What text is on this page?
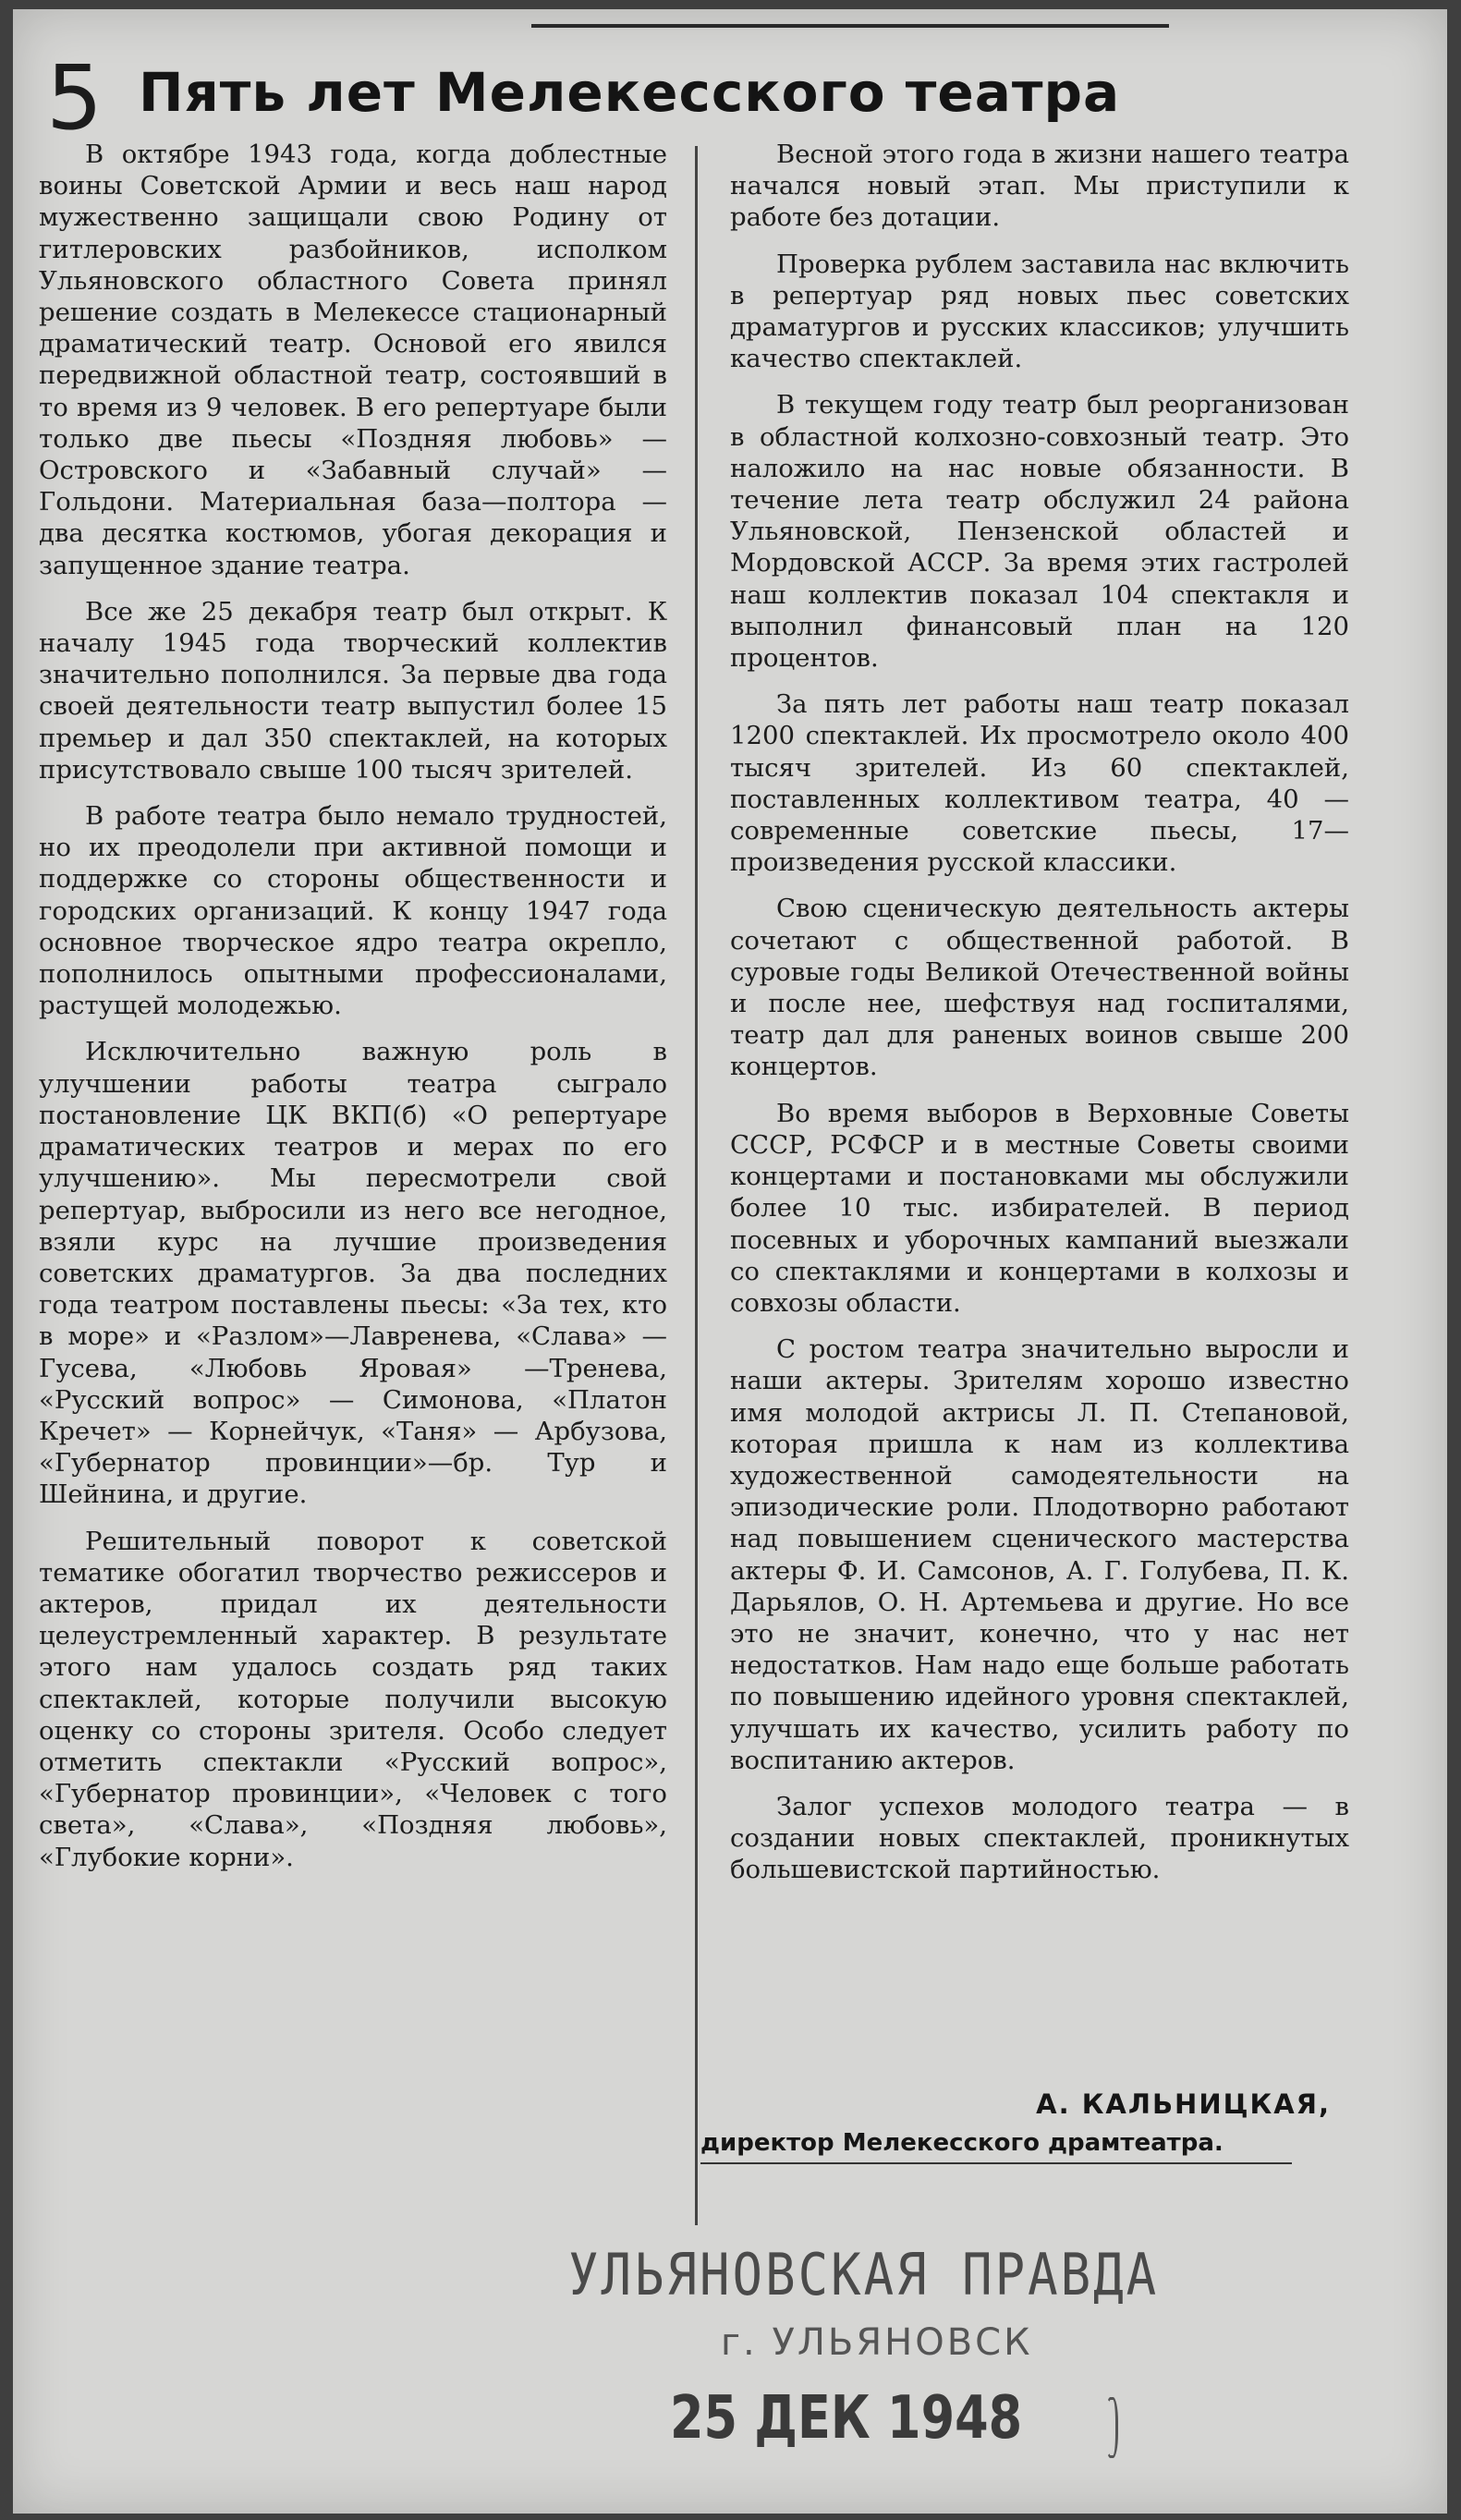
5 Пять лет Мелекесского театра

В октябре 1943 года, когда доблестные воины Советской Армии и весь наш народ мужественно защищали свою Родину от гитлеровских разбойников, исполком Ульяновского областного Совета принял решение создать в Мелекессе стационарный драматический театр. Основой его явился передвижной областной театр, состоявший в то время из 9 человек. В его репертуаре были только две пьесы «Поздняя любовь» — Островского и «Забавный случай» — Гольдони. Материальная база—полтора — два десятка костюмов, убогая декорация и запущенное здание театра.

Все же 25 декабря театр был открыт. К началу 1945 года творческий коллектив значительно пополнился. За первые два года своей деятельности театр выпустил более 15 премьер и дал 350 спектаклей, на которых присутствовало свыше 100 тысяч зрителей.

В работе театра было немало трудностей, но их преодолели при активной помощи и поддержке со стороны общественности и городских организаций. К концу 1947 года основное творческое ядро театра окрепло, пополнилось опытными профессионалами, растущей молодежью.

Исключительно важную роль в улучшении работы театра сыграло постановление ЦК ВКП(б) «О репертуаре драматических театров и мерах по его улучшению». Мы пересмотрели свой репертуар, выбросили из него все негодное, взяли курс на лучшие произведения советских драматургов. За два последних года театром поставлены пьесы: «За тех, кто в море» и «Разлом»—Лавренева, «Слава» — Гусева, «Любовь Яровая» —Тренева, «Русский вопрос» — Симонова, «Платон Кречет» — Корнейчук, «Таня» — Арбузова, «Губернатор провинции»—бр. Тур и Шейнина, и другие.

Решительный поворот к советской тематике обогатил творчество режиссеров и актеров, придал их деятельности целеустремленный характер. В результате этого нам удалось создать ряд таких спектаклей, которые получили высокую оценку со стороны зрителя. Особо следует отметить спектакли «Русский вопрос», «Губернатор провинции», «Человек с того света», «Слава», «Поздняя любовь», «Глубокие корни».

Весной этого года в жизни нашего театра начался новый этап. Мы приступили к работе без дотации.

Проверка рублем заставила нас включить в репертуар ряд новых пьес советских драматургов и русских классиков; улучшить качество спектаклей.

В текущем году театр был реорганизован в областной колхозно-совхозный театр. Это наложило на нас новые обязанности. В течение лета театр обслужил 24 района Ульяновской, Пензенской областей и Мордовской АССР. За время этих гастролей наш коллектив показал 104 спектакля и выполнил финансовый план на 120 процентов.

За пять лет работы наш театр показал 1200 спектаклей. Их просмотрело около 400 тысяч зрителей. Из 60 спектаклей, поставленных коллективом театра, 40 — современные советские пьесы, 17—произведения русской классики.

Свою сценическую деятельность актеры сочетают с общественной работой. В суровые годы Великой Отечественной войны и после нее, шефствуя над госпиталями, театр дал для раненых воинов свыше 200 концертов.

Во время выборов в Верховные Советы СССР, РСФСР и в местные Советы своими концертами и постановками мы обслужили более 10 тыс. избирателей. В период посевных и уборочных кампаний выезжали со спектаклями и концертами в колхозы и совхозы области.

С ростом театра значительно выросли и наши актеры. Зрителям хорошо известно имя молодой актрисы Л. П. Степановой, которая пришла к нам из коллектива художественной самодеятельности на эпизодические роли. Плодотворно работают над повышением сценического мастерства актеры Ф. И. Самсонов, А. Г. Голубева, П. К. Дарьялов, О. Н. Артемьева и другие. Но все это не значит, конечно, что у нас нет недостатков. Нам надо еще больше работать по повышению идейного уровня спектаклей, улучшать их качество, усилить работу по воспитанию актеров.

Залог успехов молодого театра — в создании новых спектаклей, проникнутых большевистской партийностью.

А. КАЛЬНИЦКАЯ,
директор Мелекесского драмтеатра.
УЛЬЯНОВСКАЯ ПРАВДА
г. УЛЬЯНОВСК
25 ДЕК 1948
